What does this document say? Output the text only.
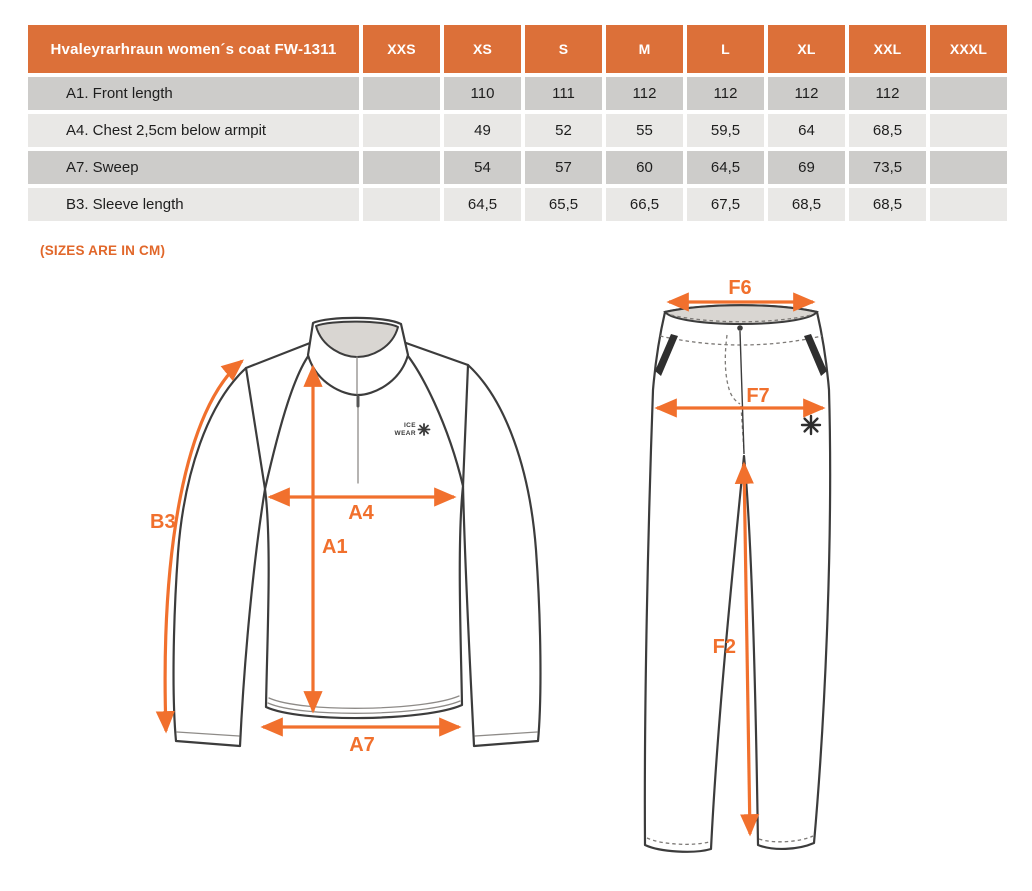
Hvaleyrarhraun women´s coat FW-1311	XXS	XS	S	M	L	XL	XXL	XXXL
A1. Front length		110	111	112	112	112	112	
A4. Chest 2,5cm below armpit		49	52	55	59,5	64	68,5	
A7. Sweep		54	57	60	64,5	69	73,5	
B3. Sleeve length		64,5	65,5	66,5	67,5	68,5	68,5	
(SIZES ARE IN CM)
ICE
WEAR
B3	A4
A1
A7
F6
F7
F2
